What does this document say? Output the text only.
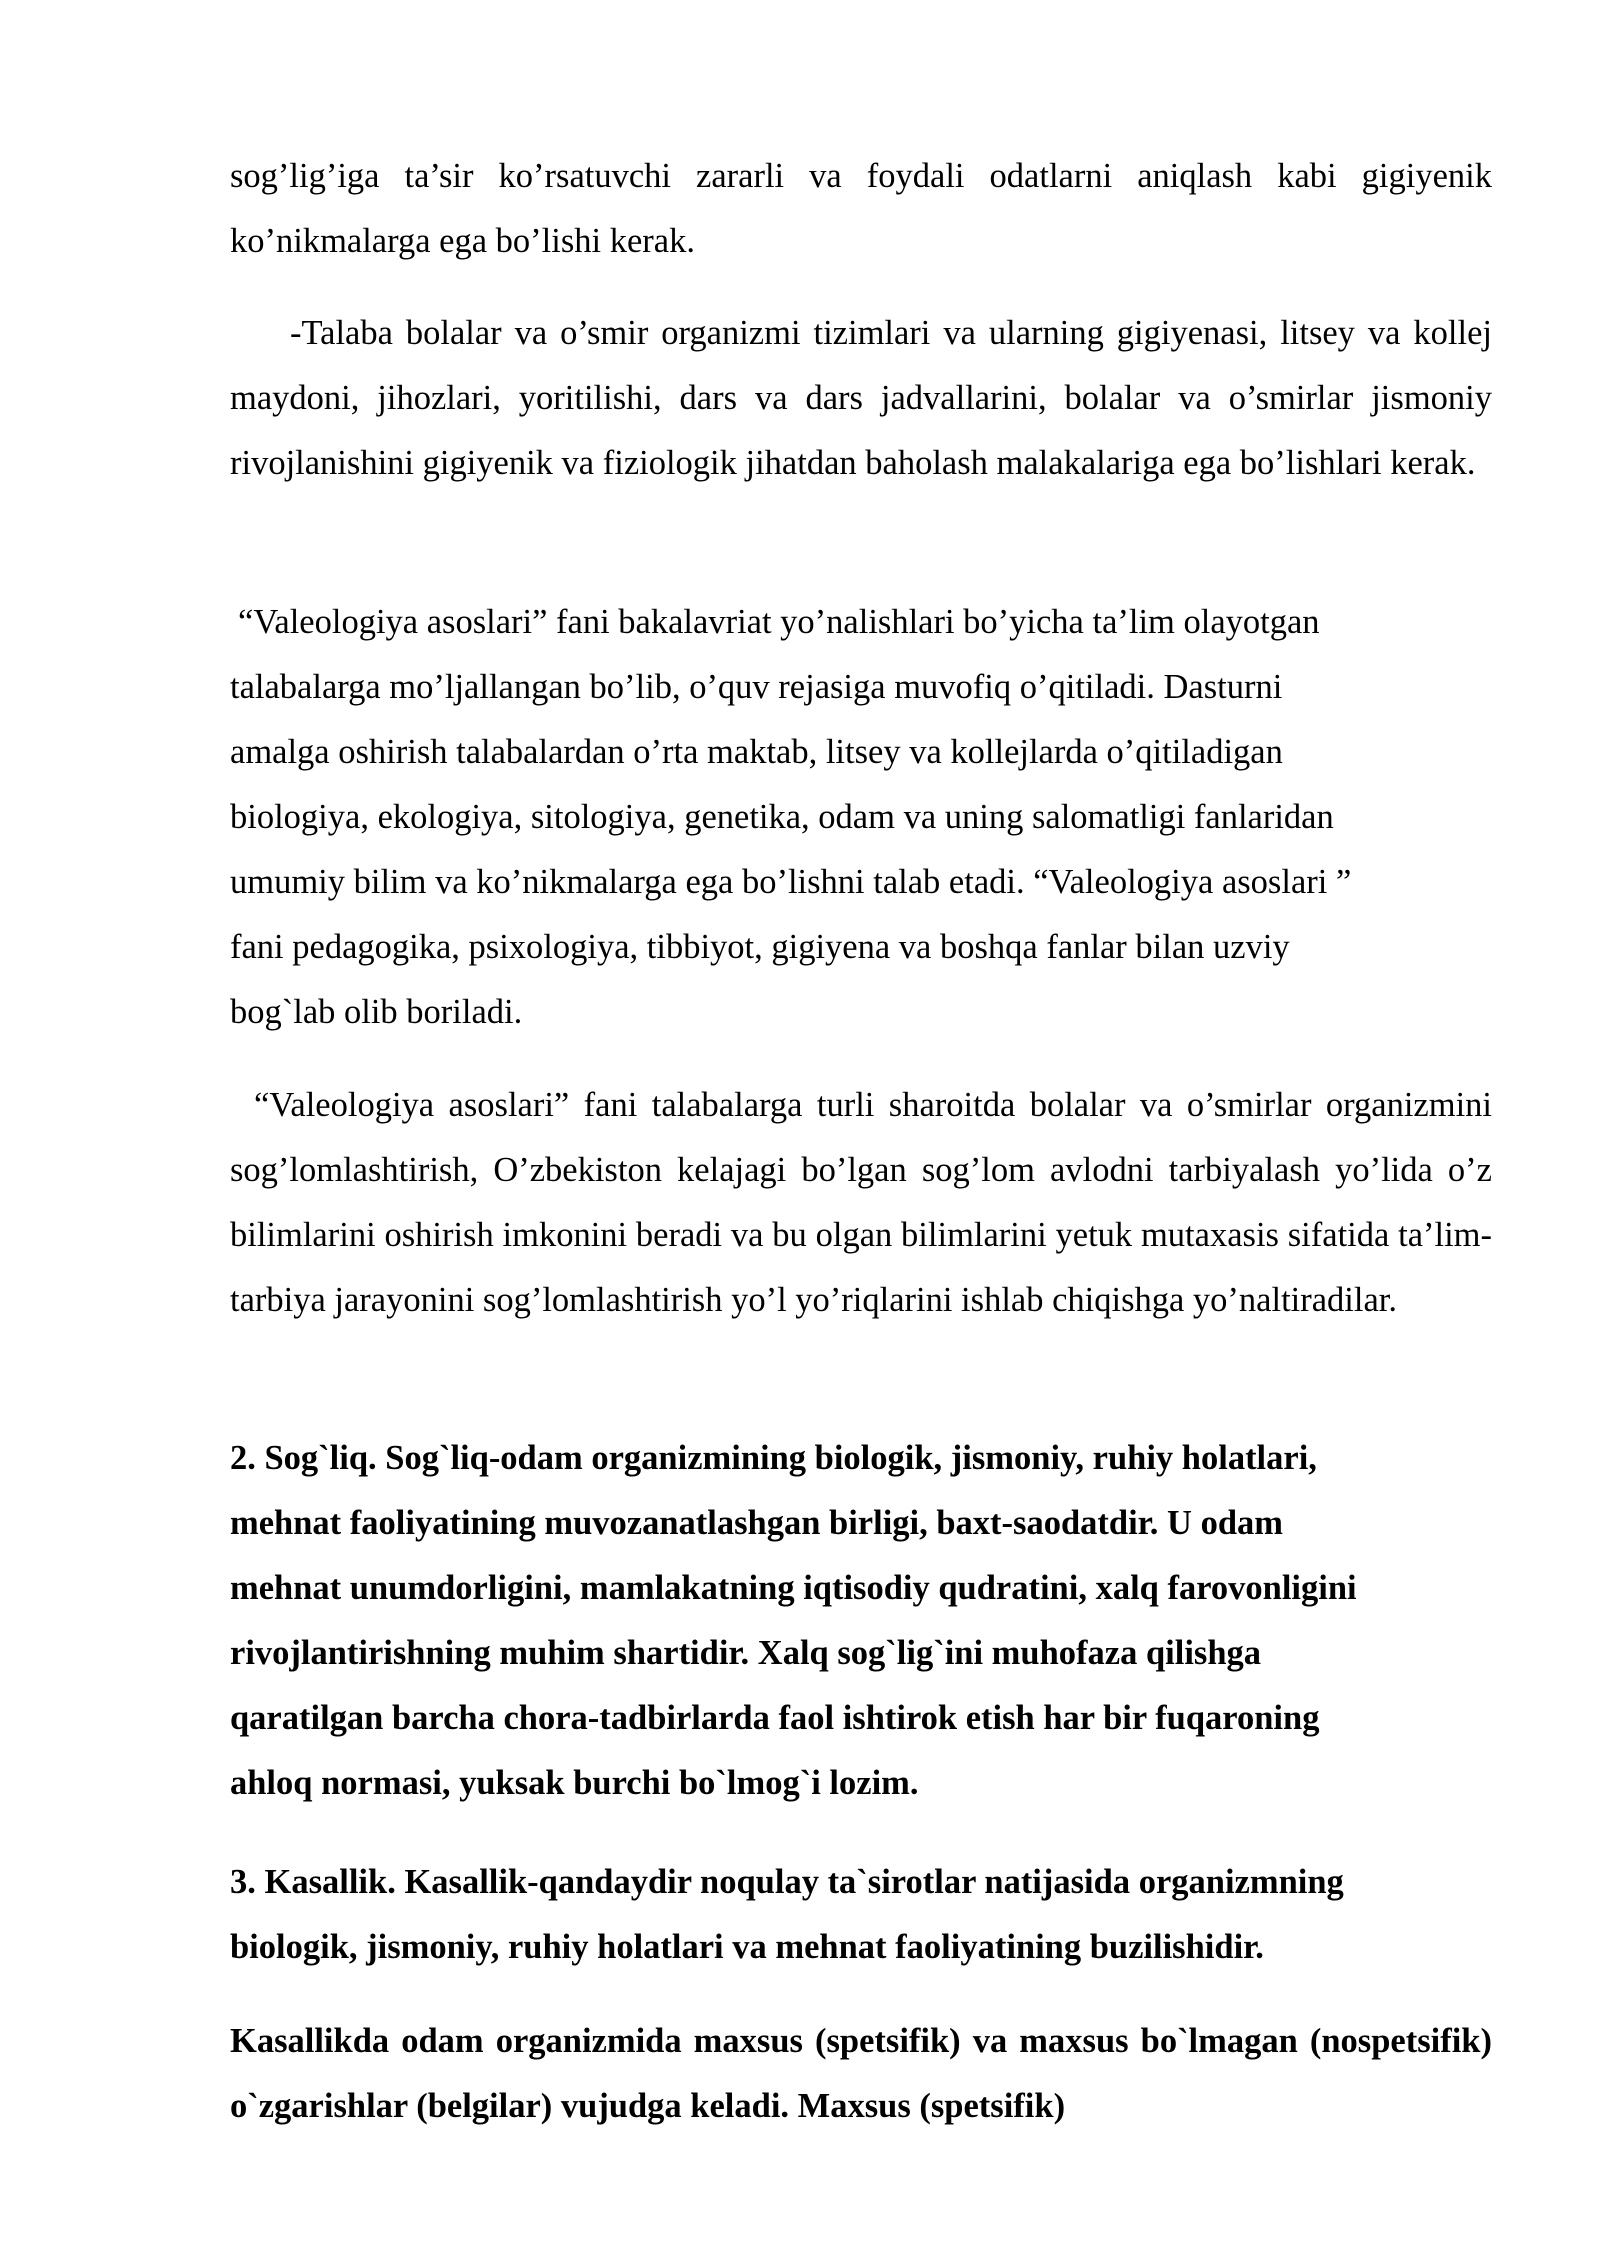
sog’lig’iga ta’sir ko’rsatuvchi zararli va foydali odatlarni aniqlash kabi gigiyenik ko’nikmalarga ega bo’lishi kerak.

-Talaba bolalar va o’smir organizmi tizimlari va ularning gigiyenasi, litsey va kollej maydoni, jihozlari, yoritilishi, dars va dars jadvallarini, bolalar va o’smirlar jismoniy rivojlanishini gigiyenik va fiziologik jihatdan baholash malakalariga ega bo’lishlari kerak.

“Valeologiya asoslari” fani bakalavriat yo’nalishlari bo’yicha ta’lim olayotgan
talabalarga mo’ljallangan bo’lib, o’quv rejasiga muvofiq o’qitiladi. Dasturni
amalga oshirish talabalardan o’rta maktab, litsey va kollejlarda o’qitiladigan
biologiya, ekologiya, sitologiya, genetika, odam va uning salomatligi fanlaridan
umumiy bilim va ko’nikmalarga ega bo’lishni talab etadi. “Valeologiya asoslari ”
fani pedagogika, psixologiya, tibbiyot, gigiyena va boshqa fanlar bilan uzviy
bog`lab olib boriladi.

“Valeologiya asoslari” fani talabalarga turli sharoitda bolalar va o’smirlar organizmini sog’lomlashtirish, O’zbekiston kelajagi bo’lgan sog’lom avlodni tarbiyalash yo’lida o’z bilimlarini oshirish imkonini beradi va bu olgan bilimlarini yetuk mutaxasis sifatida ta’lim-tarbiya jarayonini sog’lomlashtirish yo’l yo’riqlarini ishlab chiqishga yo’naltiradilar.

2. Sog`liq. Sog`liq-odam organizmining biologik, jismoniy, ruhiy holatlari,
mehnat faoliyatining muvozanatlashgan birligi, baxt-saodatdir. U odam
mehnat unumdorligini, mamlakatning iqtisodiy qudratini, xalq farovonligini
rivojlantirishning muhim shartidir. Xalq sog`lig`ini muhofaza qilishga
qaratilgan barcha chora-tadbirlarda faol ishtirok etish har bir fuqaroning
ahloq normasi, yuksak burchi bo`lmog`i lozim.
3. Kasallik. Kasallik-qandaydir noqulay ta`sirotlar natijasida organizmning
biologik, jismoniy, ruhiy holatlari va mehnat faoliyatining buzilishidir.

Kasallikda odam organizmida maxsus (spetsifik) va maxsus bo`lmagan (nospetsifik) o`zgarishlar (belgilar) vujudga keladi. Maxsus (spetsifik)
